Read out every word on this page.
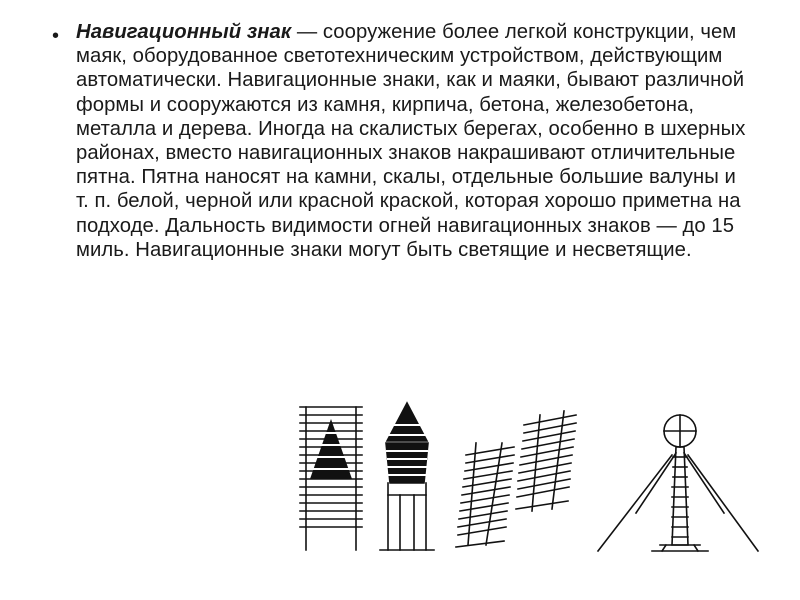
• Навигационный знак — сооружение более легкой конструкции, чем маяк, оборудованное светотехническим устройством, действующим автоматически. Навигационные знаки, как и маяки, бывают различной формы и сооружаются из камня, кирпича, бетона, железобетона, металла и дерева. Иногда на скалистых берегах, особенно в шхерных районах, вместо навигационных знаков накрашивают отличительные пятна. Пятна наносят на камни, скалы, отдельные большие валуны и т. п. белой, черной или красной краской, которая хорошо приметна на подходе. Дальность видимости огней навигационных знаков — до 15 миль. Навигационные знаки могут быть светящие и несветящие.
